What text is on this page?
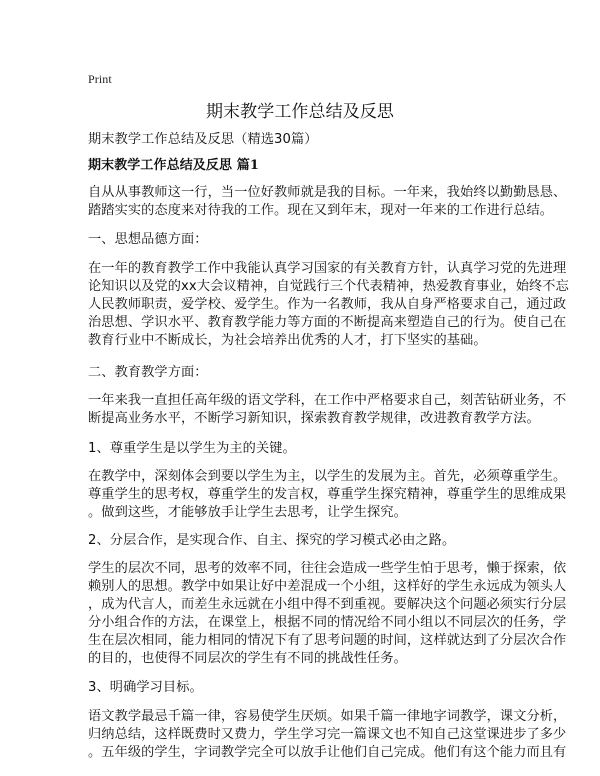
Print
期末教学工作总结及反思
期末教学工作总结及反思（精选30篇）
期末教学工作总结及反思 篇1
自从从事教师这一行，当一位好教师就是我的目标。一年来，我始终以勤勤恳恳、
踏踏实实的态度来对待我的工作。现在又到年末，现对一年来的工作进行总结。
一、思想品德方面：
在一年的教育教学工作中我能认真学习国家的有关教育方针，认真学习党的先进理
论知识以及党的xx大会议精神，自觉践行三个代表精神，热爱教育事业，始终不忘
人民教师职责，爱学校、爱学生。作为一名教师，我从自身严格要求自己，通过政
治思想、学识水平、教育教学能力等方面的不断提高来塑造自己的行为。使自己在
教育行业中不断成长，为社会培养出优秀的人才，打下坚实的基础。
二、教育教学方面：
一年来我一直担任高年级的语文学科，在工作中严格要求自己，刻苦钻研业务，不
断提高业务水平，不断学习新知识，探索教育教学规律，改进教育教学方法。
1、尊重学生是以学生为主的关键。
在教学中，深刻体会到要以学生为主，以学生的发展为主。首先，必须尊重学生。
尊重学生的思考权，尊重学生的发言权，尊重学生探究精神，尊重学生的思维成果
。做到这些，才能够放手让学生去思考，让学生探究。
2、分层合作，是实现合作、自主、探究的学习模式必由之路。
学生的层次不同，思考的效率不同，往往会造成一些学生怕于思考，懒于探索，依
赖别人的思想。教学中如果让好中差混成一个小组，这样好的学生永远成为领头人
，成为代言人，而差生永远就在小组中得不到重视。要解决这个问题必须实行分层
分小组合作的方法，在课堂上，根据不同的情况给不同小组以不同层次的任务，学
生在层次相同，能力相同的情况下有了思考问题的时间，这样就达到了分层次合作
的目的，也使得不同层次的学生有不同的挑战性任务。
3、明确学习目标。
语文教学最忌千篇一律，容易使学生厌烦。如果千篇一律地字词教学，课文分析，
归纳总结，这样既费时又费力，学生学习完一篇课文也不知自己这堂课进步了多少
。五年级的学生，字词教学完全可以放手让他们自己完成。他们有这个能力而且有
